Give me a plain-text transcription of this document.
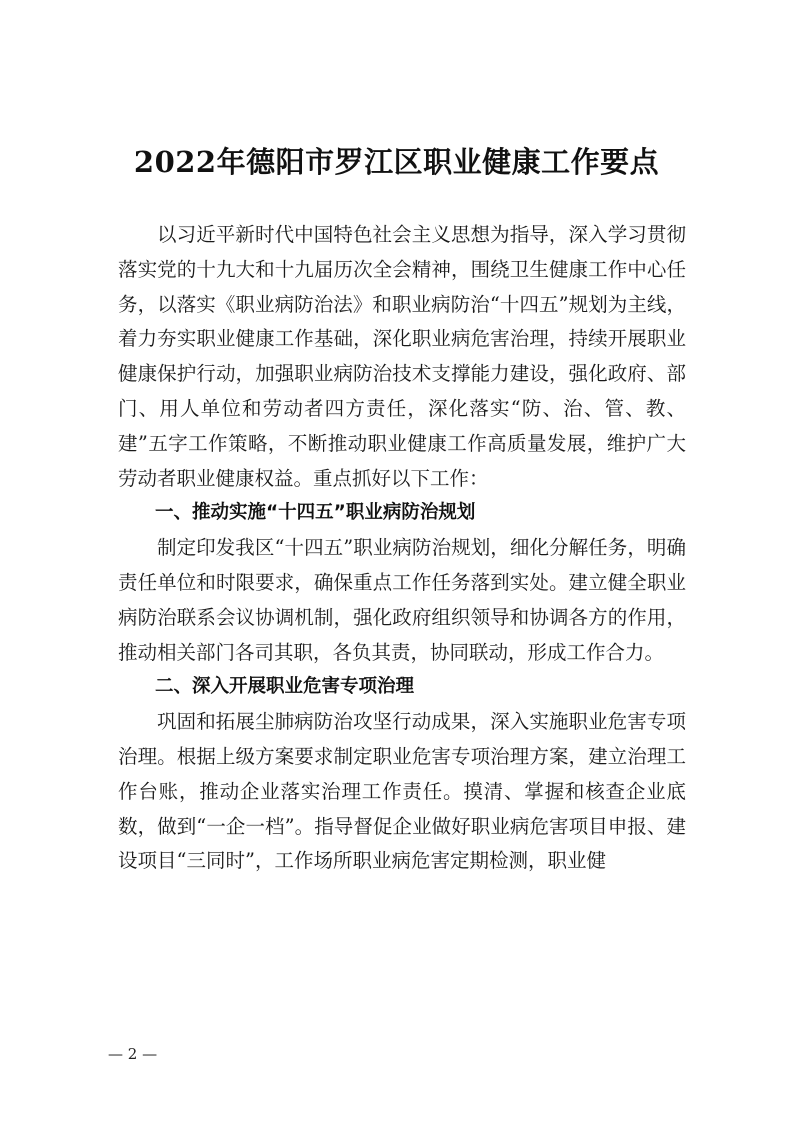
2022年德阳市罗江区职业健康工作要点

以习近平新时代中国特色社会主义思想为指导，深入学习贯彻落实党的十九大和十九届历次全会精神，围绕卫生健康工作中心任务，以落实《职业病防治法》和职业病防治“十四五”规划为主线，着力夯实职业健康工作基础，深化职业病危害治理，持续开展职业健康保护行动，加强职业病防治技术支撑能力建设，强化政府、部门、用人单位和劳动者四方责任，深化落实“防、治、管、教、建”五字工作策略，不断推动职业健康工作高质量发展，维护广大劳动者职业健康权益。重点抓好以下工作：

一、推动实施“十四五”职业病防治规划

制定印发我区“十四五”职业病防治规划，细化分解任务，明确责任单位和时限要求，确保重点工作任务落到实处。建立健全职业病防治联系会议协调机制，强化政府组织领导和协调各方的作用，推动相关部门各司其职，各负其责，协同联动，形成工作合力。

二、深入开展职业危害专项治理

巩固和拓展尘肺病防治攻坚行动成果，深入实施职业危害专项治理。根据上级方案要求制定职业危害专项治理方案，建立治理工作台账，推动企业落实治理工作责任。摸清、掌握和核查企业底数，做到“一企一档”。指导督促企业做好职业病危害项目申报、建设项目“三同时”，工作场所职业病危害定期检测，职业健

— 2 —
